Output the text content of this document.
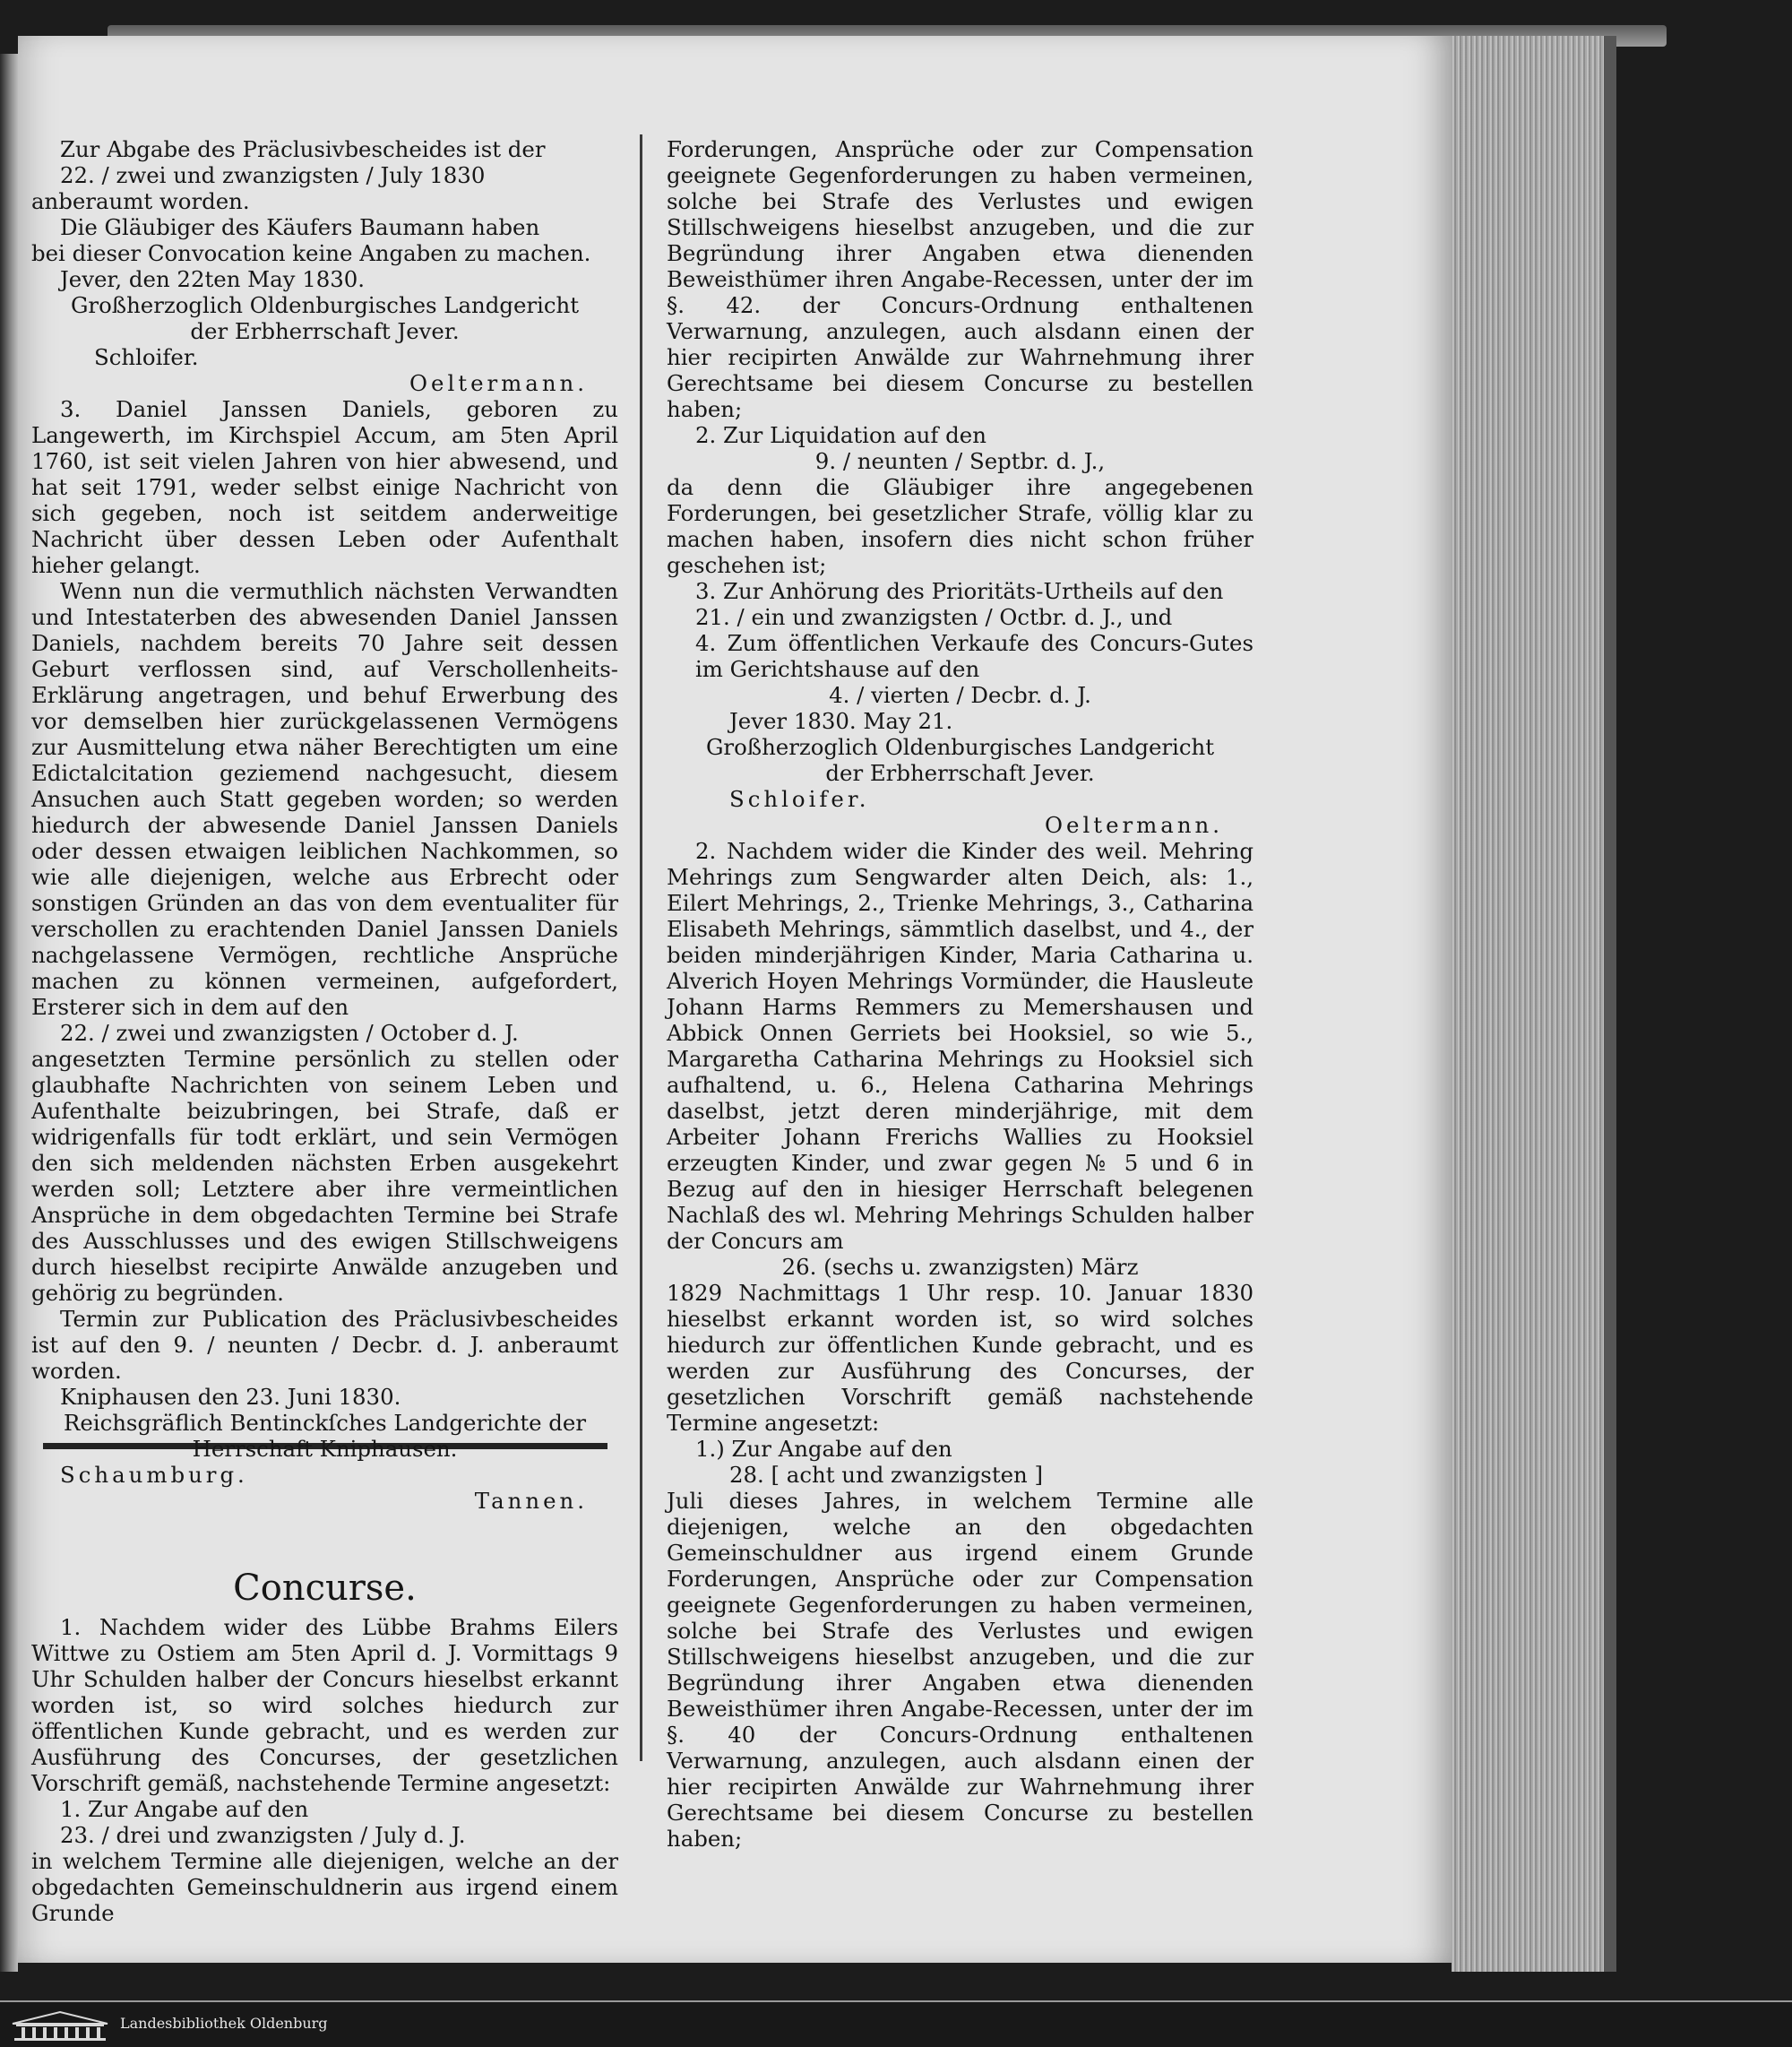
Zur Abgabe des Präclusivbescheides ist der

22. / zwei und zwanzigsten / July 1830

anberaumt worden.

Die Gläubiger des Käufers Baumann haben

bei dieser Convocation keine Angaben zu machen.

Jever, den 22ten May 1830.

Großherzoglich Oldenburgisches Landgericht

der Erbherrschaft Jever.

Schloifer.

Oeltermann.

3. Daniel Janssen Daniels, geboren zu Langewerth, im Kirchspiel Accum, am 5ten April 1760, ist seit vielen Jahren von hier abwesend, und hat seit 1791, weder selbst einige Nachricht von sich gegeben, noch ist seitdem anderweitige Nachricht über dessen Leben oder Aufenthalt hieher gelangt.

Wenn nun die vermuthlich nächsten Verwandten und Intestaterben des abwesenden Daniel Janssen Daniels, nachdem bereits 70 Jahre seit dessen Geburt verflossen sind, auf Verschollenheits-Erklärung angetragen, und behuf Erwerbung des vor demselben hier zurückgelassenen Vermögens zur Ausmittelung etwa näher Berechtigten um eine Edictalcitation geziemend nachgesucht, diesem Ansuchen auch Statt gegeben worden; so werden hiedurch der abwesende Daniel Janssen Daniels oder dessen etwaigen leiblichen Nachkommen, so wie alle diejenigen, welche aus Erbrecht oder sonstigen Gründen an das von dem eventualiter für verschollen zu erachtenden Daniel Janssen Daniels nachgelassene Vermögen, rechtliche Ansprüche machen zu können vermeinen, aufgefordert, Ersterer sich in dem auf den

22. / zwei und zwanzigsten / October d. J.

angesetzten Termine persönlich zu stellen oder glaubhafte Nachrichten von seinem Leben und Aufenthalte beizubringen, bei Strafe, daß er widrigenfalls für todt erklärt, und sein Vermögen den sich meldenden nächsten Erben ausgekehrt werden soll; Letztere aber ihre vermeintlichen Ansprüche in dem obgedachten Termine bei Strafe des Ausschlusses und des ewigen Stillschweigens durch hieselbst recipirte Anwälde anzugeben und gehörig zu begründen.

Termin zur Publication des Präclusivbescheides ist auf den 9. / neunten / Decbr. d. J. anberaumt worden.

Kniphausen den 23. Juni 1830.

Reichsgräflich Bentinckſches Landgerichte der

Herrschaft Kniphausen.

Schaumburg.

Tannen.

Concurse.

1. Nachdem wider des Lübbe Brahms Eilers Wittwe zu Ostiem am 5ten April d. J. Vormittags 9 Uhr Schulden halber der Concurs hieselbst erkannt worden ist, so wird solches hiedurch zur öffentlichen Kunde gebracht, und es werden zur Ausführung des Concurses, der gesetzlichen Vorschrift gemäß, nachstehende Termine angesetzt:

1. Zur Angabe auf den

23. / drei und zwanzigsten / July d. J.

in welchem Termine alle diejenigen, welche an der obgedachten Gemeinschuldnerin aus irgend einem Grunde

Forderungen, Ansprüche oder zur Compensation geeignete Gegenforderungen zu haben vermeinen, solche bei Strafe des Verlustes und ewigen Stillschweigens hieselbst anzugeben, und die zur Begründung ihrer Angaben etwa dienenden Beweisthümer ihren Angabe-Recessen, unter der im §. 42. der Concurs-Ordnung enthaltenen Verwarnung, anzulegen, auch alsdann einen der hier recipirten Anwälde zur Wahrnehmung ihrer Gerechtsame bei diesem Concurse zu bestellen haben;

2. Zur Liquidation auf den

9. / neunten / Septbr. d. J.,

da denn die Gläubiger ihre angegebenen Forderungen, bei gesetzlicher Strafe, völlig klar zu machen haben, insofern dies nicht schon früher geschehen ist;

3. Zur Anhörung des Prioritäts-Urtheils auf den

21. / ein und zwanzigsten / Octbr. d. J., und

4. Zum öffentlichen Verkaufe des Concurs-Gutes im Gerichtshause auf den

4. / vierten / Decbr. d. J.

Jever 1830. May 21.

Großherzoglich Oldenburgisches Landgericht

der Erbherrschaft Jever.

Schloifer.

Oeltermann.

2. Nachdem wider die Kinder des weil. Mehring Mehrings zum Sengwarder alten Deich, als: 1., Eilert Mehrings, 2., Trienke Mehrings, 3., Catharina Elisabeth Mehrings, sämmtlich daselbst, und 4., der beiden minderjährigen Kinder, Maria Catharina u. Alverich Hoyen Mehrings Vormünder, die Hausleute Johann Harms Remmers zu Memershausen und Abbick Onnen Gerriets bei Hooksiel, so wie 5., Margaretha Catharina Mehrings zu Hooksiel sich aufhaltend, u. 6., Helena Catharina Mehrings daselbst, jetzt deren minderjährige, mit dem Arbeiter Johann Frerichs Wallies zu Hooksiel erzeugten Kinder, und zwar gegen № 5 und 6 in Bezug auf den in hiesiger Herrschaft belegenen Nachlaß des wl. Mehring Mehrings Schulden halber der Concurs am

26. (sechs u. zwanzigsten) März

1829 Nachmittags 1 Uhr resp. 10. Januar 1830 hieselbst erkannt worden ist, so wird solches hiedurch zur öffentlichen Kunde gebracht, und es werden zur Ausführung des Concurses, der gesetzlichen Vorschrift gemäß nachstehende Termine angesetzt:

1.) Zur Angabe auf den

28. [ acht und zwanzigsten ]

Juli dieses Jahres, in welchem Termine alle diejenigen, welche an den obgedachten Gemeinschuldner aus irgend einem Grunde Forderungen, Ansprüche oder zur Compensation geeignete Gegenforderungen zu haben vermeinen, solche bei Strafe des Verlustes und ewigen Stillschweigens hieselbst anzugeben, und die zur Begründung ihrer Angaben etwa dienenden Beweisthümer ihren Angabe-Recessen, unter der im §. 40 der Concurs-Ordnung enthaltenen Verwarnung, anzulegen, auch alsdann einen der hier recipirten Anwälde zur Wahrnehmung ihrer Gerechtsame bei diesem Concurse zu bestellen haben;

Landesbibliothek Oldenburg
